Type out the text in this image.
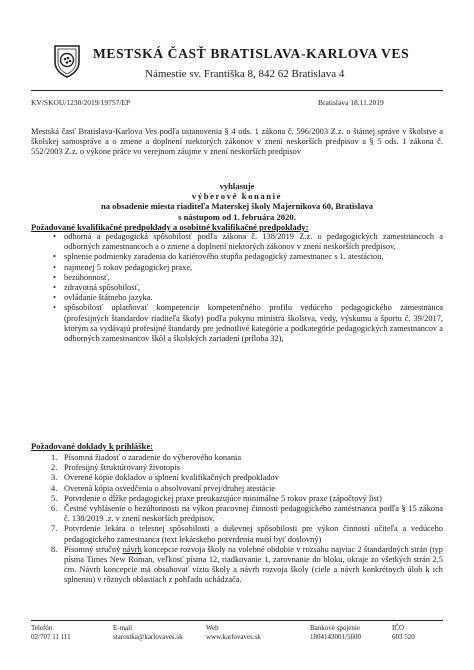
MESTSKÁ ČASŤ BRATISLAVA-KARLOVA VES
Námestie sv. Františka 8, 842 62 Bratislava 4
KV/SKOU/1230/2019/19757/EP	Bratislava 18.11.2019
Mestská časť Bratislava-Karlova Ves podľa ustanovenia § 4 ods. 1 zákona č. 596/2003 Z.z. o štátnej správe v školstve a školskej samospráve a o zmene a doplnení niektorých zákonov v znení neskorších predpisov a § 5 ods. 1 zákona č. 552/2003 Z.z. o výkone práce vo verejnom záujme v znení neskorších predpisov
vyhlasuje
výberové konanie
na obsadenie miesta riaditeľa Materskej školy Majerníkova 60, Bratislava
s nástupom od 1. februára 2020.
Požadované kvalifikačné predpoklady a osobitné kvalifikačné predpoklady:
• odborná a pedagogická spôsobilosť podľa zákona č. 138/2019 Z.z. o pedagogických zamestnancoch a odborných zamestnancoch a o zmene a doplnení niektorých zákonov v znení neskorších predpisov,
• splnenie podmienky zaradenia do kariérového stupňa pedagogický zamestnanec s 1. atestáciou,
• najmenej 5 rokov pedagogickej praxe,
• bezúhonnosť,
• zdravotná spôsobilosť,
• ovládanie štátneho jazyka.
• spôsobilosť uplatňovať kompetencie kompetenčného profilu vedúceho pedagogického zamestnanca (profesijných štandardov riaditeľa školy) podľa pokynu ministra školstva, vedy, výskumu a športu č. 39/2017, ktorým sa vydávajú profesijné štandardy pre jednotlivé kategórie a podkategórie pedagogických zamestnancov a odborných zamestnancov škôl a školských zariadení (príloha 32),
Požadované doklady k prihláške:
1. Písomná žiadosť o zaradenie do výberového konania
2. Profesijný štruktúrovaný životopis
3. Overené kópie dokladov o splnení kvalifikačných predpokladov
4. Overená kópia osvedčenia o absolvovaní prvej/druhej atestácie
5. Potvrdenie o dĺžke pedagogickej praxe preukazujúce minimálne 5 rokov praxe (zápočtový list)
6. Čestné vyhlásenie o bezúhonnosti na výkon pracovnej činnosti pedagogického zamestnanca podľa § 15 zákona č. 138/2019 .z. v znení neskorších predpisov.
7. Potvrdenie lekára o telesnej spôsobilosti a duševnej spôsobilosti pre výkon činností učiteľa a vedúceho pedagogického zamestnanca (text lekárskeho potvrdenia musí byť doslovný)
8. Písomný stručný návrh koncepcie rozvoja školy na volebné obdobie v rozsahu najviac 2 štandardných strán (typ písma Times New Roman, veľkosť písma 12, riadkovanie 1, zarovnanie do bloku, okraje zo všetkých strán 2,5 cm. Návrh koncepcie má obsahovať víziu školy a návrh rozvoja školy (ciele a návrh konkrétnych úloh k ich splneniu) v rôznych oblastiach z pohľadu uchádzača.
Telefón
02/707 11 111
E-mail
starostka@karlovaves.sk
Web
www.karlovaves.sk
Bankové spojenie
1804143001/5600
IČO
603 520
